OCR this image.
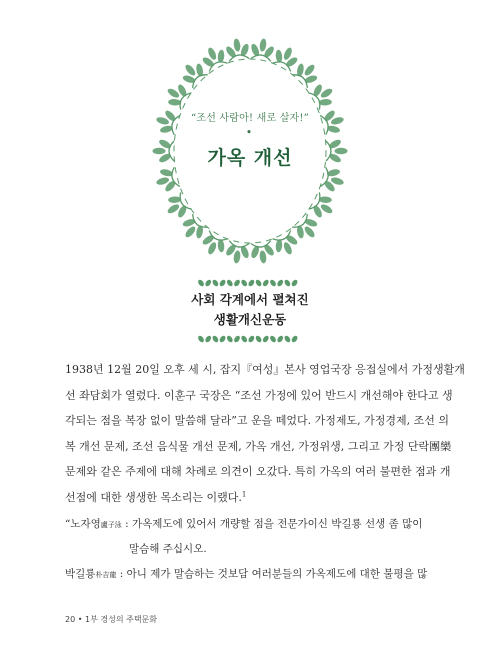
“조선 사람아! 새로 살자!”
•
가옥 개선
사회 각계에서 펼쳐진
생활개신운동
1938년 12월 20일 오후 세 시, 잡지『여성』본사 영업국장 응접실에서 가정생활개
선 좌담회가 열렸다. 이훈구 국장은 “조선 가정에 있어 반드시 개선해야 한다고 생
각되는 점을 복장 없이 말씀해 달라”고 운을 떼었다. 가정제도, 가정경제, 조선 의
복 개선 문제, 조선 음식물 개선 문제, 가옥 개선, 가정위생, 그리고 가정 단락團欒
문제와 같은 주제에 대해 차례로 의견이 오갔다. 특히 가옥의 여러 불편한 점과 개
선점에 대한 생생한 목소리는 이랬다.$^1$
“노자영盧子泳 : 가옥제도에 있어서 개량할 점을 전문가이신 박길룡 선생 좀 많이
말슴해 주십시오.
박길룡朴吉龍 : 아니 제가 말슴하는 것보담 여러분들의 가옥제도에 대한 불평을 많
20 • 1부 경성의 주택문화
